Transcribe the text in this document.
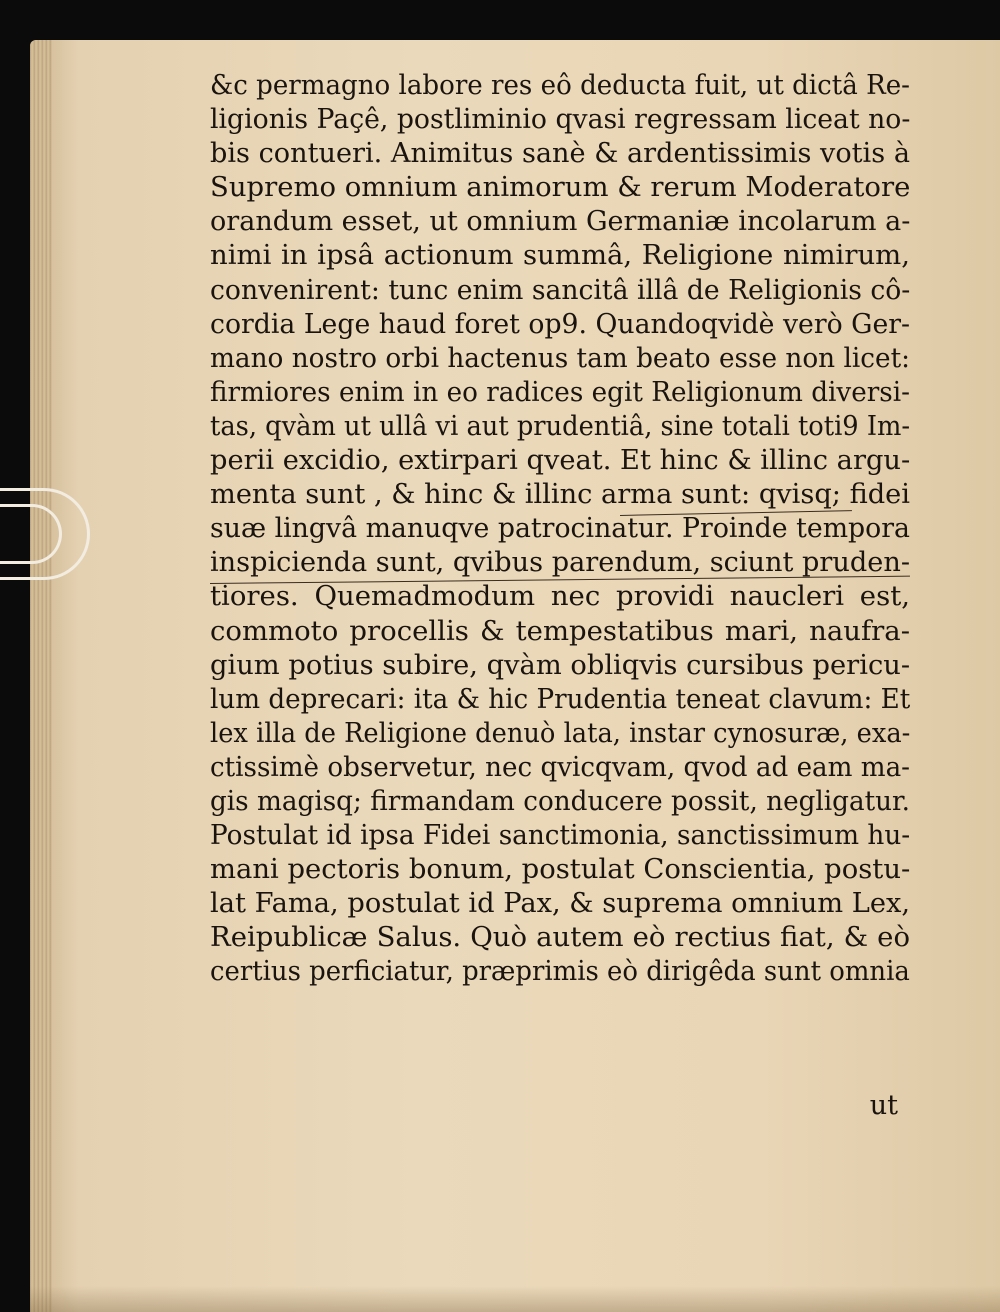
&c permagno labore res eô deducta fuit, ut dictâ Re-
ligionis Paçê, postliminio qvasi regressam liceat no-
bis contueri. Animitus sanè & ardentissimis votis à
Supremo omnium animorum & rerum Moderatore
orandum esset, ut omnium Germaniæ incolarum a-
nimi in ipsâ actionum summâ, Religione nimirum,
convenirent: tunc enim sancitâ illâ de Religionis cô-
cordia Lege haud foret op9. Quandoqvidè verò Ger-
mano nostro orbi hactenus tam beato esse non licet:
firmiores enim in eo radices egit Religionum diversi-
tas, qvàm ut ullâ vi aut prudentiâ, sine totali toti9 Im-
perii excidio, extirpari qveat. Et hinc & illinc argu-
menta sunt , & hinc & illinc arma sunt: qvisq; fidei
suæ lingvâ manuqve patrocinatur. Proinde tempora
inspicienda sunt, qvibus parendum, sciunt pruden-
tiores. Quemadmodum nec providi naucleri est,
commoto procellis & tempestatibus mari, naufra-
gium potius subire, qvàm obliqvis cursibus pericu-
lum deprecari: ita & hic Prudentia teneat clavum: Et
lex illa de Religione denuò lata, instar cynosuræ, exa-
ctissimè observetur, nec qvicqvam, qvod ad eam ma-
gis magisq; firmandam conducere possit, negligatur.
Postulat id ipsa Fidei sanctimonia, sanctissimum hu-
mani pectoris bonum, postulat Conscientia, postu-
lat Fama, postulat id Pax, & suprema omnium Lex,
Reipublicæ Salus. Quò autem eò rectius fiat, & eò
certius perficiatur, præprimis eò dirigêda sunt omnia
ut
